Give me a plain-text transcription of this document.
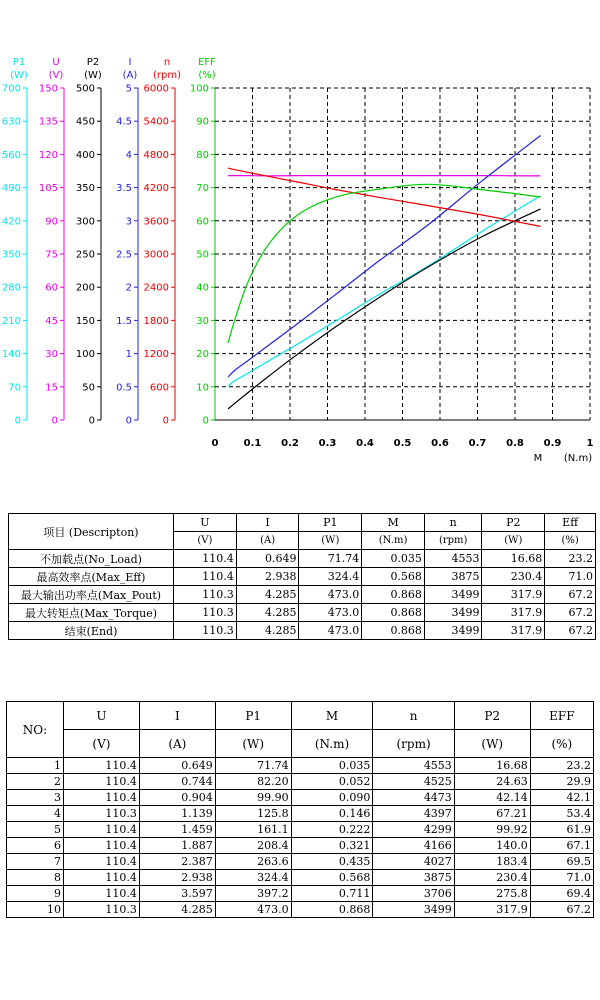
0
70
140
210
280
350
420
490
560
630
700
P1
(W)
0
15
30
45
60
75
90
105
120
135
150
U
(V)
0
50
100
150
200
250
300
350
400
450
500
P2
(W)
0
0.5
1
1.5
2
2.5
3
3.5
4
4.5
5
I
(A)
0
600
1200
1800
2400
3000
3600
4200
4800
5400
6000
n
(rpm)
0
10
20
30
40
50
60
70
80
90
100
EFF
(%)
0	0.1 0.2 0.3 0.4 0.5 0.6 0.7 0.8 0.9	1
M (N.m)
项目 (Descripton)	U	I	P1	M	n	P2	Eff
	(V)	(A)	(W)	(N.m)	(rpm)	(W)	(%)
不加载点(No_Load)	110.4	0.649	71.74	0.035	4553	16.68	23.2
最高效率点(Max_Eff)	110.4	2.938	324.4	0.568	3875	230.4	71.0
最大输出功率点(Max_Pout)	110.3	4.285	473.0	0.868	3499	317.9	67.2
最大转矩点(Max_Torque)	110.3	4.285	473.0	0.868	3499	317.9	67.2
结束(End)	110.3	4.285	473.0	0.868	3499	317.9	67.2
NO:	U	I	P1	M	n	P2	EFF
	(V)	(A)	(W)	(N.m)	(rpm)	(W)	(%)
1	110.4	0.649	71.74	0.035	4553	16.68	23.2
2	110.4	0.744	82.20	0.052	4525	24.63	29.9
3	110.4	0.904	99.90	0.090	4473	42.14	42.1
4	110.3	1.139	125.8	0.146	4397	67.21	53.4
5	110.4	1.459	161.1	0.222	4299	99.92	61.9
6	110.4	1.887	208.4	0.321	4166	140.0	67.1
7	110.4	2.387	263.6	0.435	4027	183.4	69.5
8	110.4	2.938	324.4	0.568	3875	230.4	71.0
9	110.4	3.597	397.2	0.711	3706	275.8	69.4
10	110.3	4.285	473.0	0.868	3499	317.9	67.2
